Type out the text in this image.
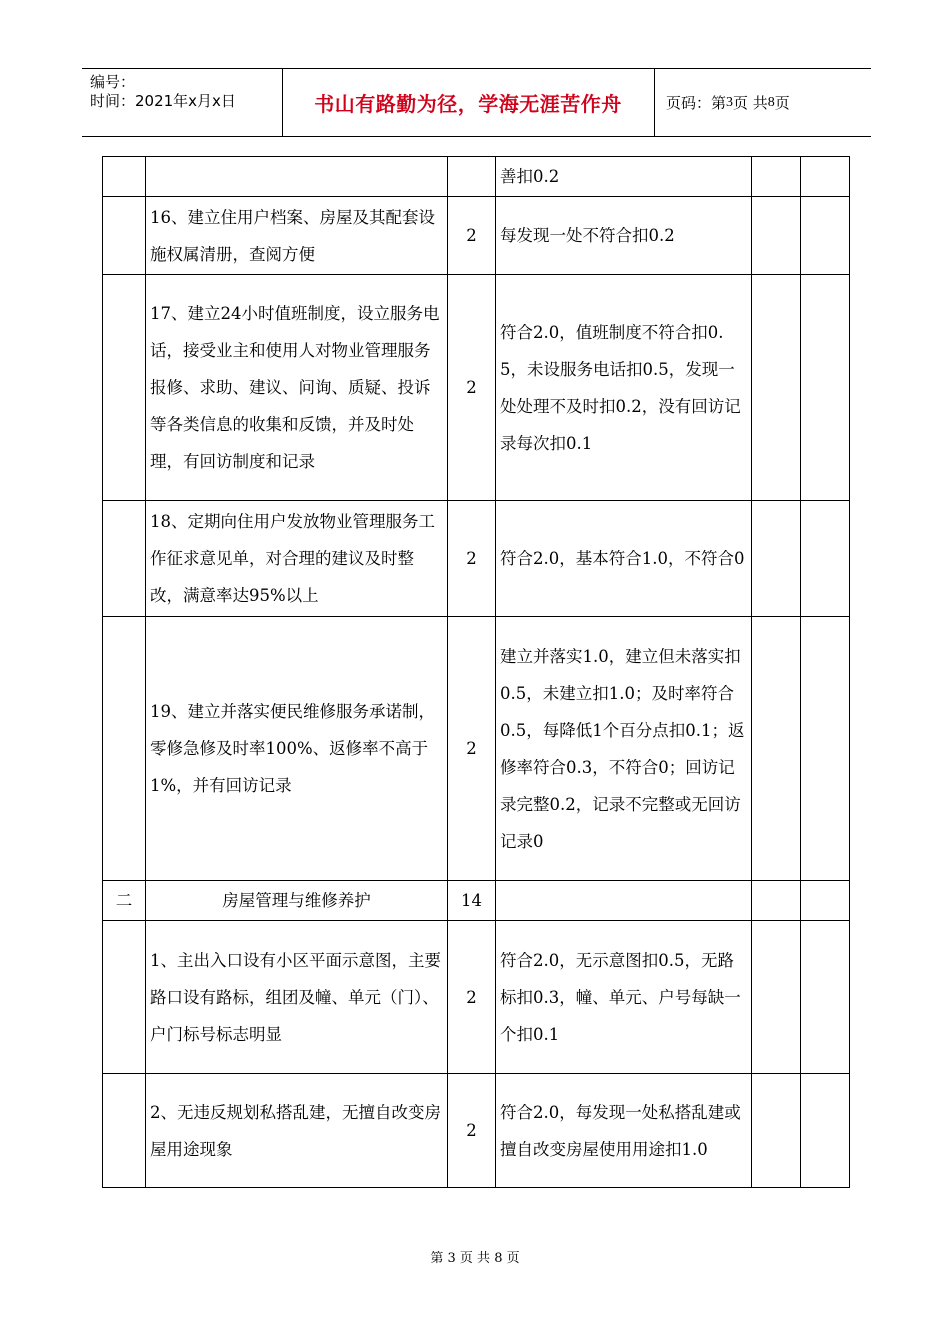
编号：
时间：2021年x月x日	书山有路勤为径，学海无涯苦作舟	页码：第 3 页 共 8 页
			善扣0.2		
	16、建立住用户档案、房屋及其配套设施权属清册，查阅方便	2	每发现一处不符合扣0.2		
	17、建立24小时值班制度，设立服务电话，接受业主和使用人对物业管理服务报修、求助、建议、问询、质疑、投诉等各类信息的收集和反馈，并及时处理，有回访制度和记录	2	符合2.0，值班制度不符合扣0.5，未设服务电话扣0.5，发现一处处理不及时扣0.2，没有回访记录每次扣0.1		
	18、定期向住用户发放物业管理服务工作征求意见单，对合理的建议及时整改，满意率达95%以上	2	符合2.0，基本符合1.0，不符合0		
	19、建立并落实便民维修服务承诺制，零修急修及时率100%、返修率不高于1%，并有回访记录	2	建立并落实1.0，建立但未落实扣0.5，未建立扣1.0；及时率符合0.5，每降低1个百分点扣0.1；返修率符合0.3，不符合0；回访记录完整0.2，记录不完整或无回访记录0		
二	房屋管理与维修养护	14			
	1、主出入口设有小区平面示意图，主要路口设有路标，组团及幢、单元（门）、户门标号标志明显	2	符合2.0，无示意图扣0.5，无路标扣0.3，幢、单元、户号每缺一个扣0.1		
	2、无违反规划私搭乱建，无擅自改变房屋用途现象	2	符合2.0，每发现一处私搭乱建或擅自改变房屋使用用途扣1.0		
第 3 页 共 8 页
